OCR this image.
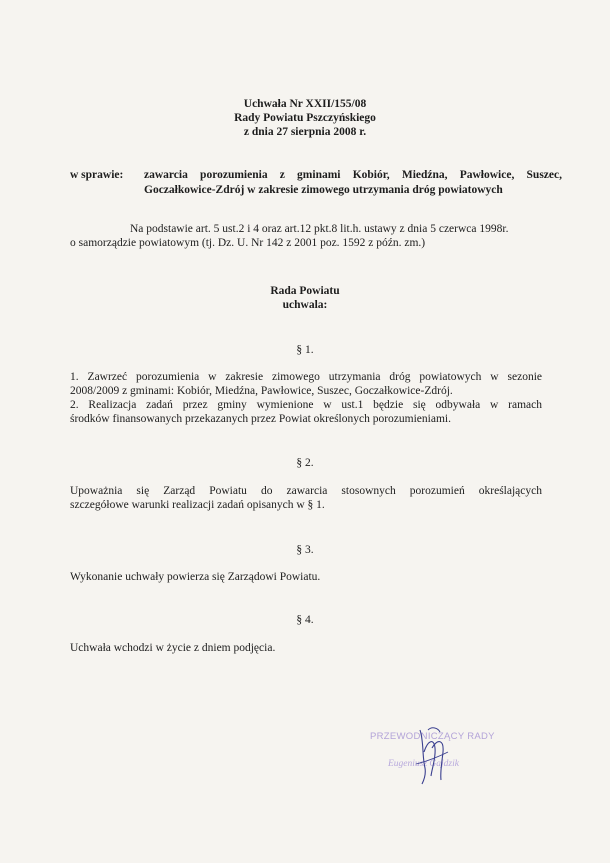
Uchwała Nr XXII/155/08
Rady Powiatu Pszczyńskiego
z dnia 27 sierpnia 2008 r.
w sprawie: zawarcia porozumienia z gminami Kobiór, Miedźna, Pawłowice, Suszec,
Goczałkowice-Zdrój w zakresie zimowego utrzymania dróg powiatowych
Na podstawie art. 5 ust.2 i 4 oraz art.12 pkt.8 lit.h. ustawy z dnia 5 czerwca 1998r.
o samorządzie powiatowym (tj. Dz. U. Nr 142 z 2001 poz. 1592 z późn. zm.)
Rada Powiatu
uchwala:
§ 1.
1. Zawrzeć porozumienia w zakresie zimowego utrzymania dróg powiatowych w sezonie
2008/2009 z gminami: Kobiór, Miedźna, Pawłowice, Suszec, Goczałkowice-Zdrój.
2. Realizacja zadań przez gminy wymienione w ust.1 będzie się odbywała w ramach
środków finansowanych przekazanych przez Powiat określonych porozumieniami.
§ 2.
Upoważnia się Zarząd Powiatu do zawarcia stosownych porozumień określających
szczegółowe warunki realizacji zadań opisanych w § 1.
§ 3.
Wykonanie uchwały powierza się Zarządowi Powiatu.
§ 4.
Uchwała wchodzi w życie z dniem podjęcia.
PRZEWODNICZĄCY RADY
Eugeniusz Gajdzik
